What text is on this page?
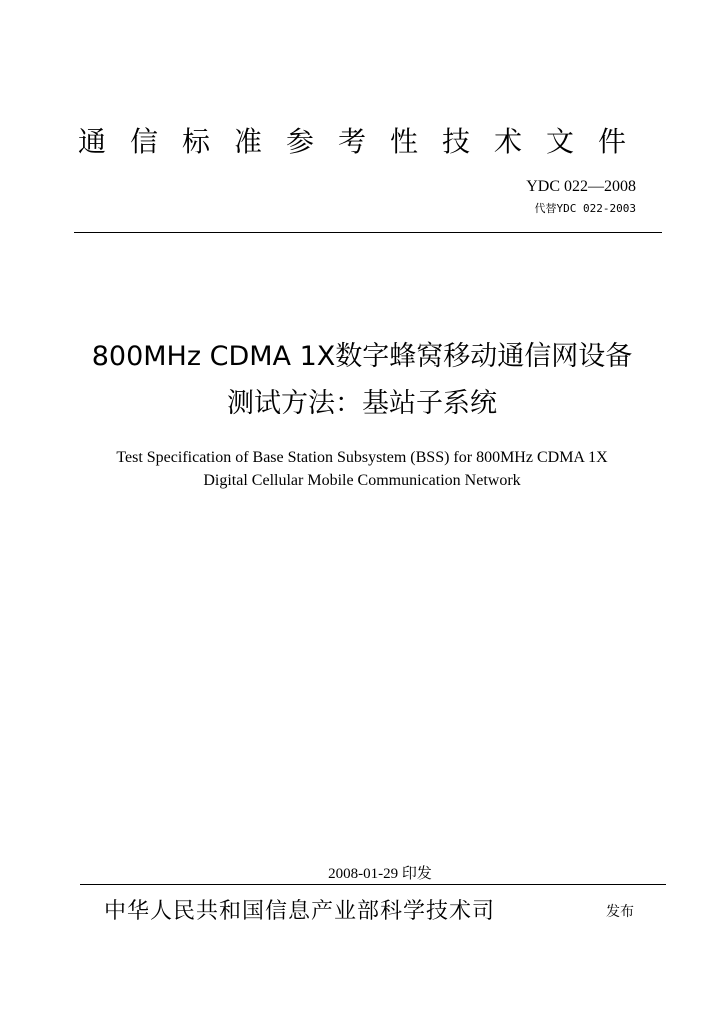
通信标准参考性技术文件
YDC 022—2008
代替YDC 022-2003
800MHz CDMA 1X数字蜂窝移动通信网设备
测试方法：基站子系统
Test Specification of Base Station Subsystem (BSS) for 800MHz CDMA 1X
Digital Cellular Mobile Communication Network
2008-01-29 印发
中华人民共和国信息产业部科学技术司	发布
